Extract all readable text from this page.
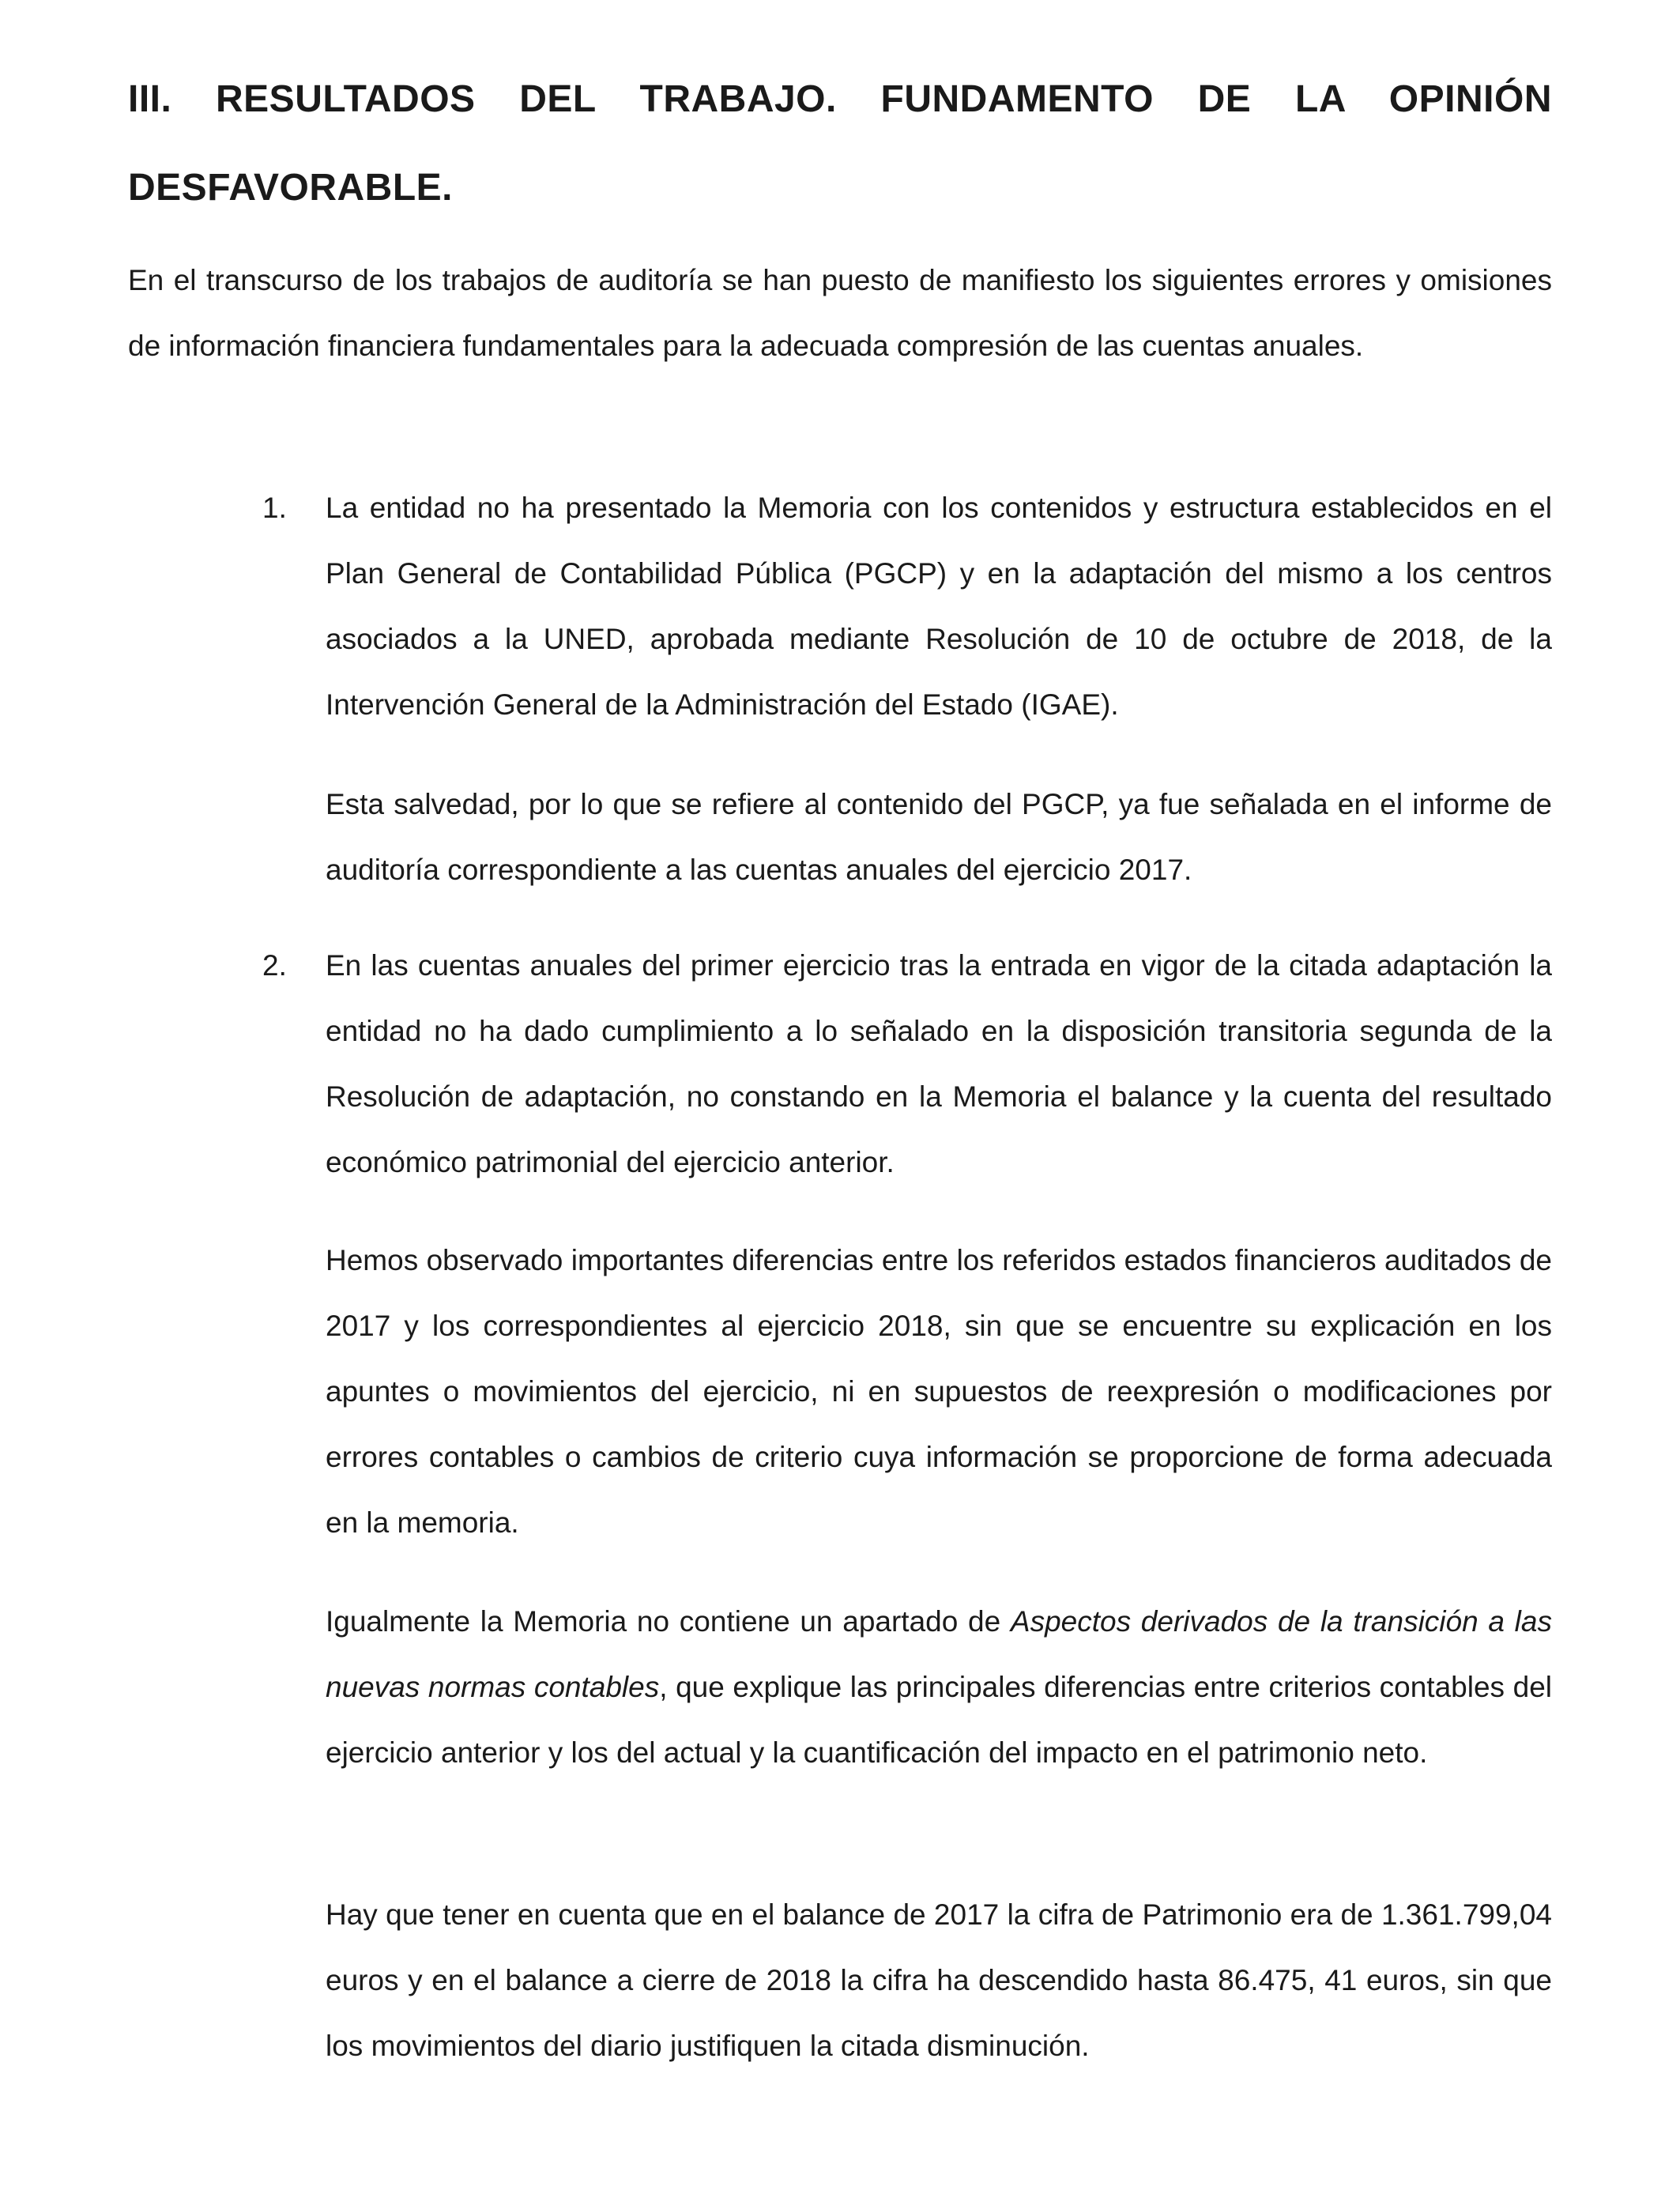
III. RESULTADOS DEL TRABAJO. FUNDAMENTO DE LA OPINIÓN
DESFAVORABLE.

En el transcurso de los trabajos de auditoría se han puesto de manifiesto los siguientes errores y omisiones de información financiera fundamentales para la adecuada compresión de las cuentas anuales.

1. La entidad no ha presentado la Memoria con los contenidos y estructura establecidos en el Plan General de Contabilidad Pública (PGCP) y en la adaptación del mismo a los centros asociados a la UNED, aprobada mediante Resolución de 10 de octubre de 2018, de la Intervención General de la Administración del Estado (IGAE).

Esta salvedad, por lo que se refiere al contenido del PGCP, ya fue señalada en el informe de auditoría correspondiente a las cuentas anuales del ejercicio 2017.

2. En las cuentas anuales del primer ejercicio tras la entrada en vigor de la citada adaptación la entidad no ha dado cumplimiento a lo señalado en la disposición transitoria segunda de la Resolución de adaptación, no constando en la Memoria el balance y la cuenta del resultado económico patrimonial del ejercicio anterior.

Hemos observado importantes diferencias entre los referidos estados financieros auditados de 2017 y los correspondientes al ejercicio 2018, sin que se encuentre su explicación en los apuntes o movimientos del ejercicio, ni en supuestos de reexpresión o modificaciones por errores contables o cambios de criterio cuya información se proporcione de forma adecuada en la memoria.

Igualmente la Memoria no contiene un apartado de Aspectos derivados de la transición a las nuevas normas contables, que explique las principales diferencias entre criterios contables del ejercicio anterior y los del actual y la cuantificación del impacto en el patrimonio neto.

Hay que tener en cuenta que en el balance de 2017 la cifra de Patrimonio era de 1.361.799,04 euros y en el balance a cierre de 2018 la cifra ha descendido hasta 86.475, 41 euros, sin que los movimientos del diario justifiquen la citada disminución.
